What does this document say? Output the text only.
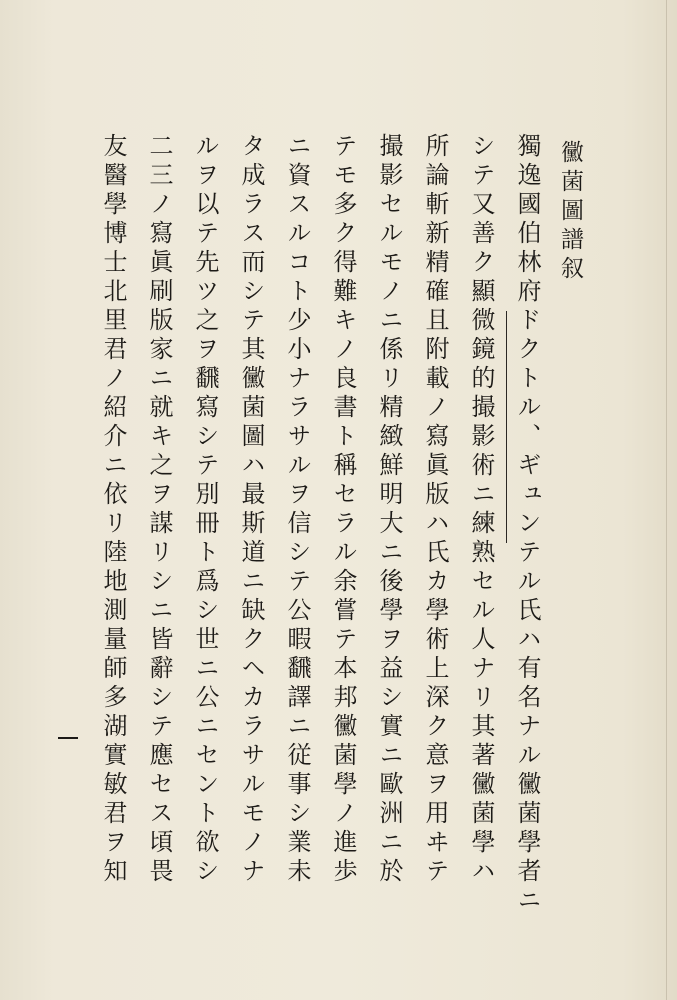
黴菌圖譜叙
獨逸國伯林府ドクトル、ギュンテル氏ハ有名ナル黴菌學者ニ
シテ又善ク顯微鏡的撮影術ニ練熟セル人ナリ其著黴菌學ハ
所論斬新精確且附載ノ寫眞版ハ氏カ學術上深ク意ヲ用ヰテ
撮影セルモノニ係リ精緻鮮明大ニ後學ヲ益シ實ニ歐洲ニ於
テモ多ク得難キノ良書ト稱セラル余嘗テ本邦黴菌學ノ進歩
ニ資スルコト少小ナラサルヲ信シテ公暇飜譯ニ従事シ業未
タ成ラス而シテ其黴菌圖ハ最斯道ニ缺クヘカラサルモノナ
ルヲ以テ先ツ之ヲ飜寫シテ別冊ト爲シ世ニ公ニセント欲シ
二三ノ寫眞刷版家ニ就キ之ヲ謀リシニ皆辭シテ應セス頃畏
友醫學博士北里君ノ紹介ニ依リ陸地測量師多湖實敏君ヲ知
